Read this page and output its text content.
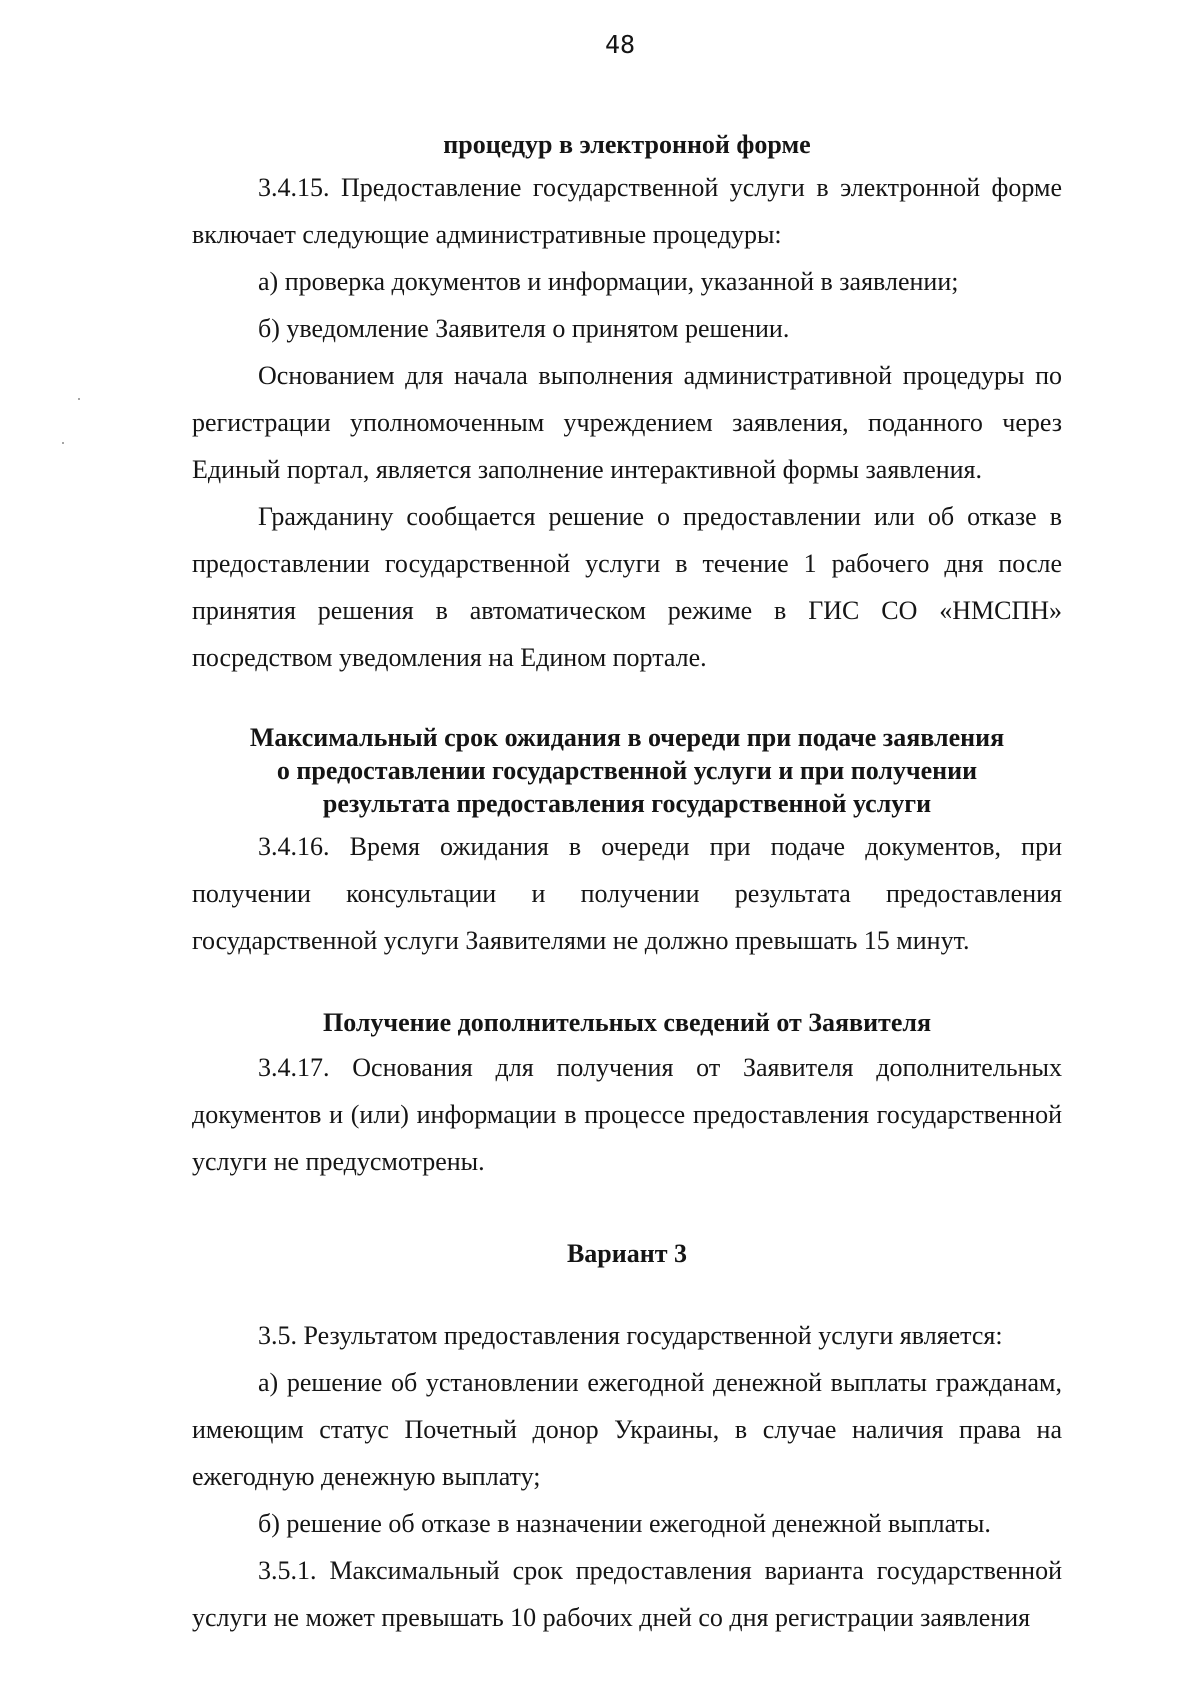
48
процедур в электронной форме

3.4.15. Предоставление государственной услуги в электронной форме включает следующие административные процедуры:

а) проверка документов и информации, указанной в заявлении;

б) уведомление Заявителя о принятом решении.

Основанием для начала выполнения административной процедуры по регистрации уполномоченным учреждением заявления, поданного через Единый портал, является заполнение интерактивной формы заявления.

Гражданину сообщается решение о предоставлении или об отказе в предоставлении государственной услуги в течение 1 рабочего дня после принятия решения в автоматическом режиме в ГИС СО «НМСПН» посредством уведомления на Едином портале.

Максимальный срок ожидания в очереди при подаче заявления
о предоставлении государственной услуги и при получении
результата предоставления государственной услуги

3.4.16. Время ожидания в очереди при подаче документов, при получении консультации и получении результата предоставления государственной услуги Заявителями не должно превышать 15 минут.

Получение дополнительных сведений от Заявителя

3.4.17. Основания для получения от Заявителя дополнительных документов и (или) информации в процессе предоставления государственной услуги не предусмотрены.

Вариант 3

3.5. Результатом предоставления государственной услуги является:

а) решение об установлении ежегодной денежной выплаты гражданам, имеющим статус Почетный донор Украины, в случае наличия права на ежегодную денежную выплату;

б) решение об отказе в назначении ежегодной денежной выплаты.

3.5.1. Максимальный срок предоставления варианта государственной услуги не может превышать 10 рабочих дней со дня регистрации заявления
